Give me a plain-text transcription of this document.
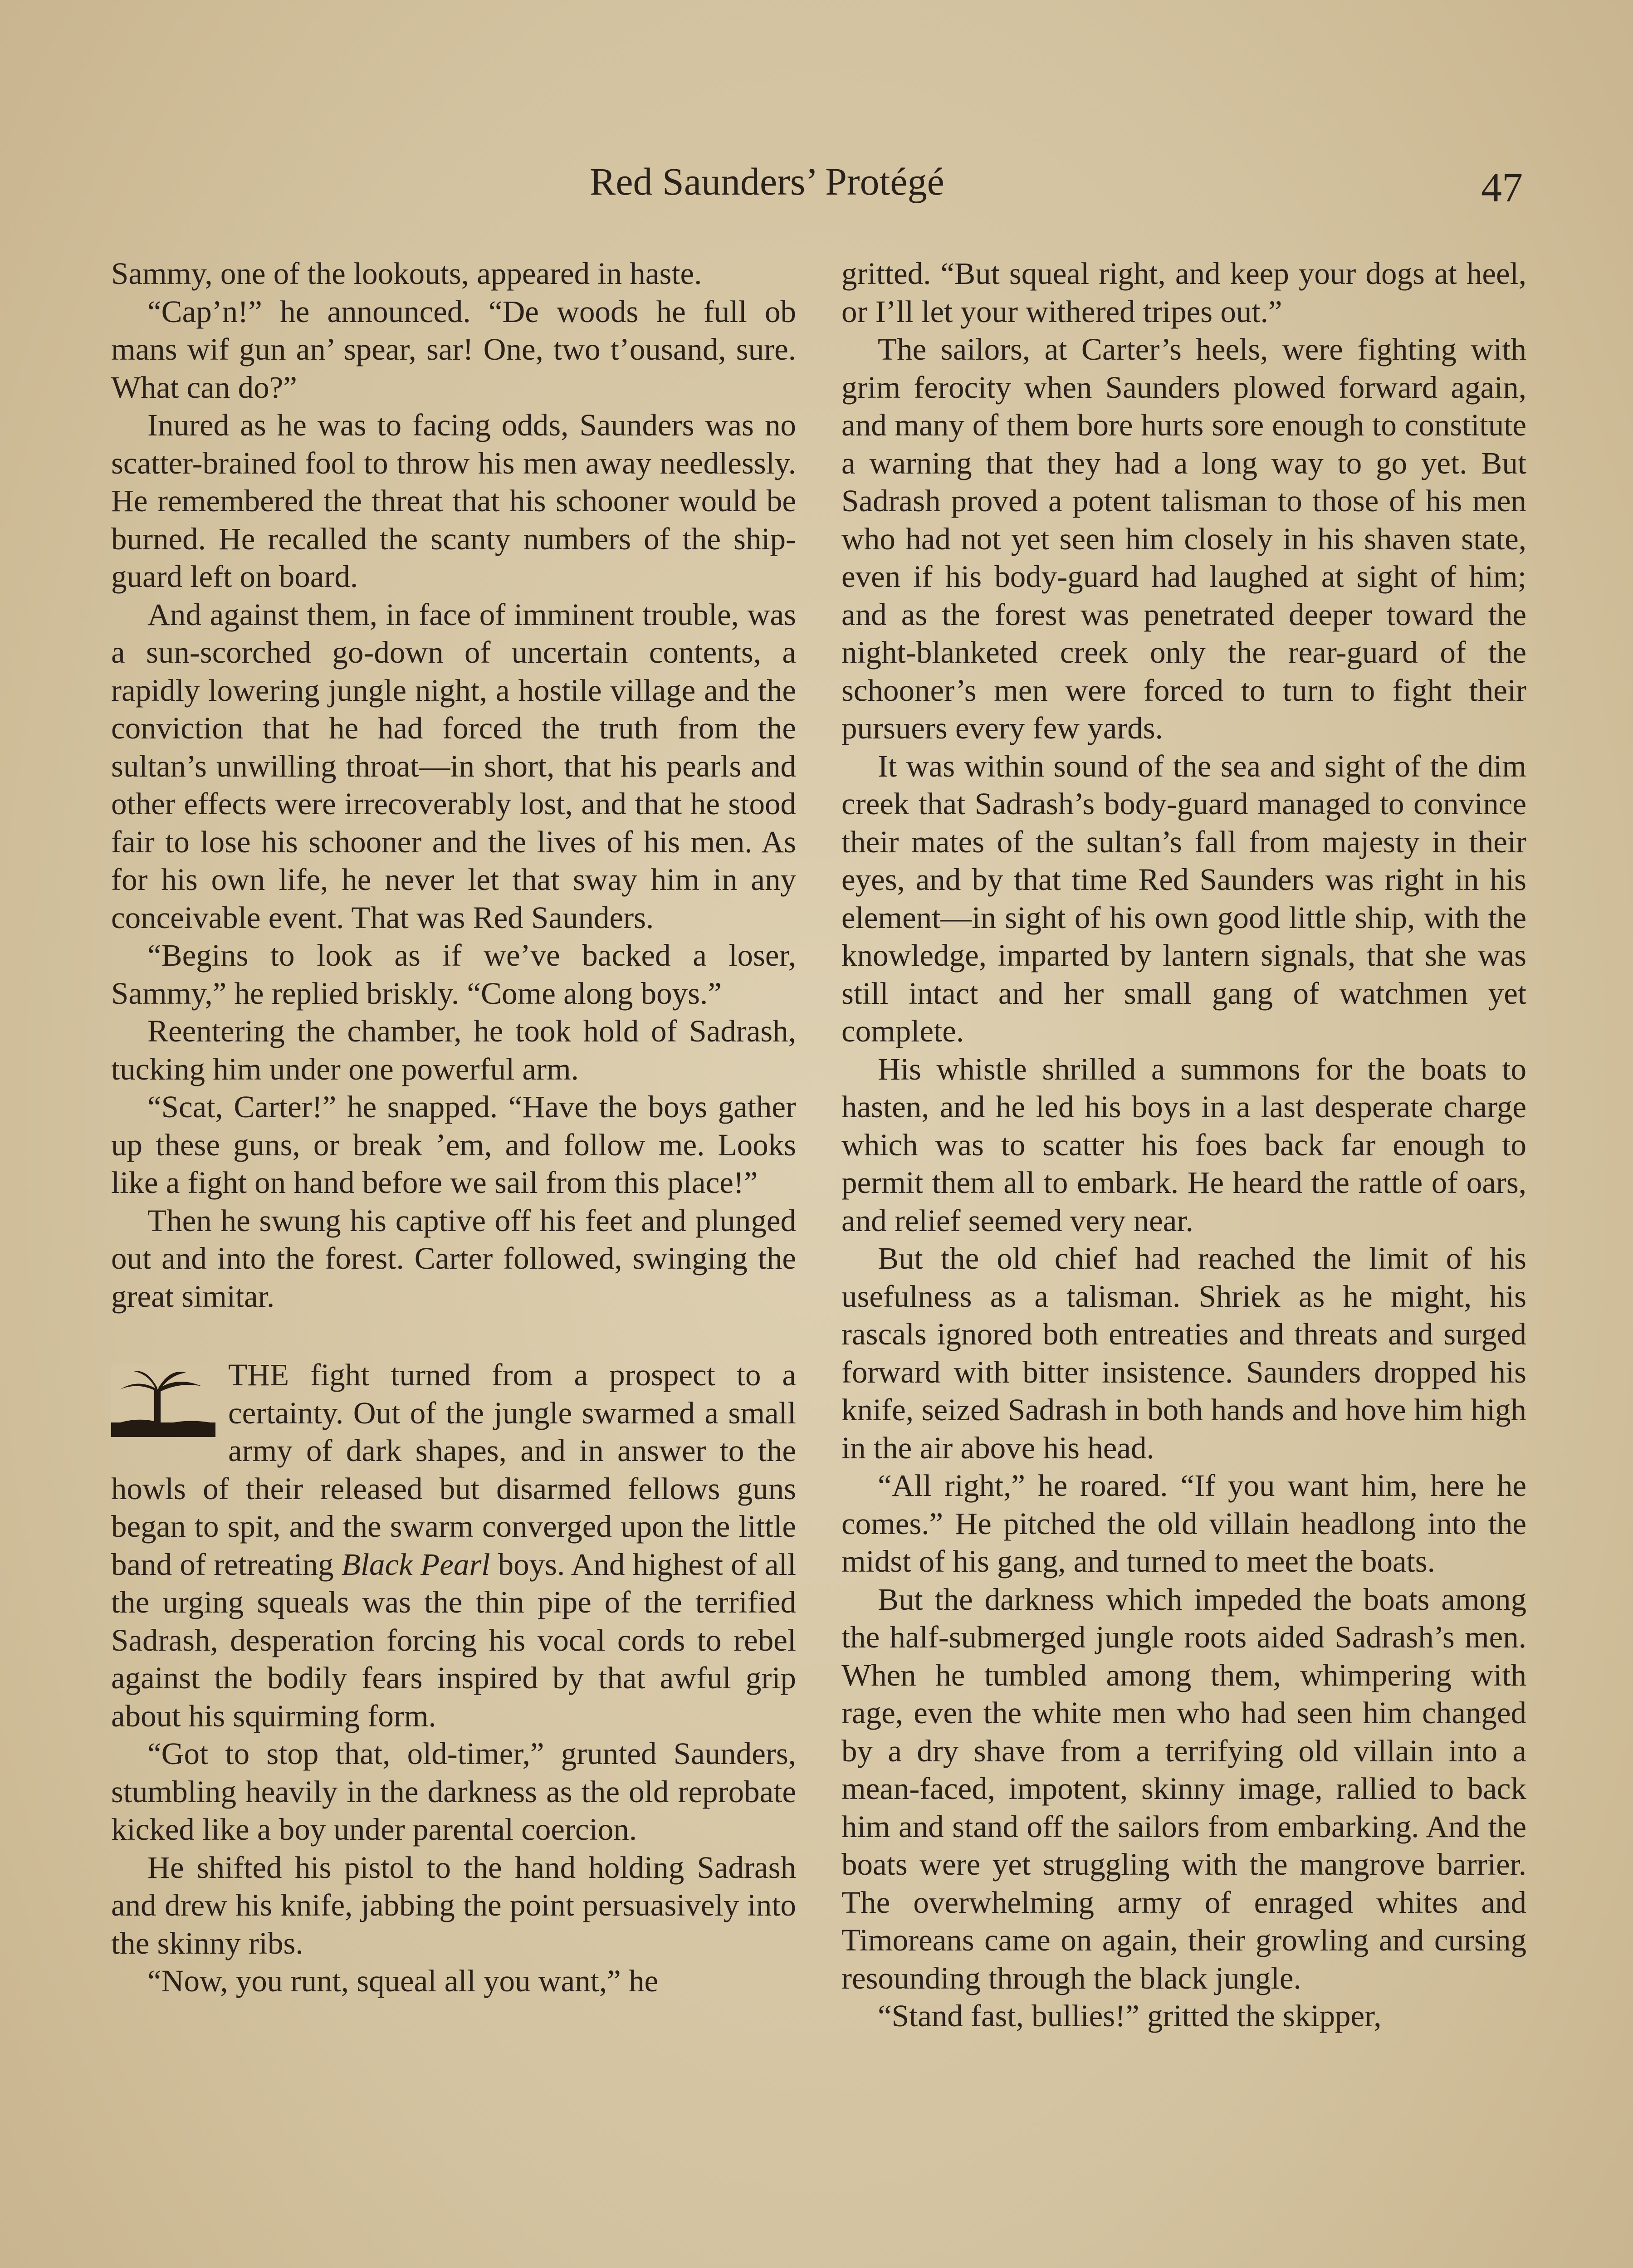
Red Saunders’ Protégé	47

Sammy, one of the lookouts, appeared in haste.

“Cap’n!” he announced. “De woods he full ob mans wif gun an’ spear, sar! One, two t’ousand, sure. What can do?”

Inured as he was to facing odds, Saunders was no scatter-brained fool to throw his men away needlessly. He remembered the threat that his schooner would be burned. He recalled the scanty numbers of the ship-guard left on board.

And against them, in face of imminent trouble, was a sun-scorched go-down of uncertain contents, a rapidly lowering jungle night, a hostile village and the conviction that he had forced the truth from the sultan’s unwilling throat—in short, that his pearls and other effects were irrecoverably lost, and that he stood fair to lose his schooner and the lives of his men. As for his own life, he never let that sway him in any conceivable event. That was Red Saunders.

“Begins to look as if we’ve backed a loser, Sammy,” he replied briskly. “Come along boys.”

Reentering the chamber, he took hold of Sadrash, tucking him under one powerful arm.

“Scat, Carter!” he snapped. “Have the boys gather up these guns, or break ’em, and follow me. Looks like a fight on hand before we sail from this place!”

Then he swung his captive off his feet and plunged out and into the forest. Carter followed, swinging the great simitar.

THE fight turned from a prospect to a certainty. Out of the jungle swarmed a small army of dark shapes, and in answer to the howls of their released but disarmed fellows guns began to spit, and the swarm converged upon the little band of retreating Black Pearl boys. And highest of all the urging squeals was the thin pipe of the terrified Sadrash, desperation forcing his vocal cords to rebel against the bodily fears inspired by that awful grip about his squirming form.

“Got to stop that, old-timer,” grunted Saunders, stumbling heavily in the darkness as the old reprobate kicked like a boy under parental coercion.

He shifted his pistol to the hand holding Sadrash and drew his knife, jabbing the point persuasively into the skinny ribs.

“Now, you runt, squeal all you want,” he

gritted. “But squeal right, and keep your dogs at heel, or I’ll let your withered tripes out.”

The sailors, at Carter’s heels, were fighting with grim ferocity when Saunders plowed forward again, and many of them bore hurts sore enough to constitute a warning that they had a long way to go yet. But Sadrash proved a potent talisman to those of his men who had not yet seen him closely in his shaven state, even if his body-guard had laughed at sight of him; and as the forest was penetrated deeper toward the night-blanketed creek only the rear-guard of the schooner’s men were forced to turn to fight their pursuers every few yards.

It was within sound of the sea and sight of the dim creek that Sadrash’s body-guard managed to convince their mates of the sultan’s fall from majesty in their eyes, and by that time Red Saunders was right in his element—in sight of his own good little ship, with the knowledge, imparted by lantern signals, that she was still intact and her small gang of watchmen yet complete.

His whistle shrilled a summons for the boats to hasten, and he led his boys in a last desperate charge which was to scatter his foes back far enough to permit them all to embark. He heard the rattle of oars, and relief seemed very near.

But the old chief had reached the limit of his usefulness as a talisman. Shriek as he might, his rascals ignored both entreaties and threats and surged forward with bitter insistence. Saunders dropped his knife, seized Sadrash in both hands and hove him high in the air above his head.

“All right,” he roared. “If you want him, here he comes.” He pitched the old villain headlong into the midst of his gang, and turned to meet the boats.

But the darkness which impeded the boats among the half-submerged jungle roots aided Sadrash’s men. When he tumbled among them, whimpering with rage, even the white men who had seen him changed by a dry shave from a terrifying old villain into a mean-faced, impotent, skinny image, rallied to back him and stand off the sailors from embarking. And the boats were yet struggling with the mangrove barrier. The overwhelming army of enraged whites and Timoreans came on again, their growling and cursing resounding through the black jungle.

“Stand fast, bullies!” gritted the skipper,
